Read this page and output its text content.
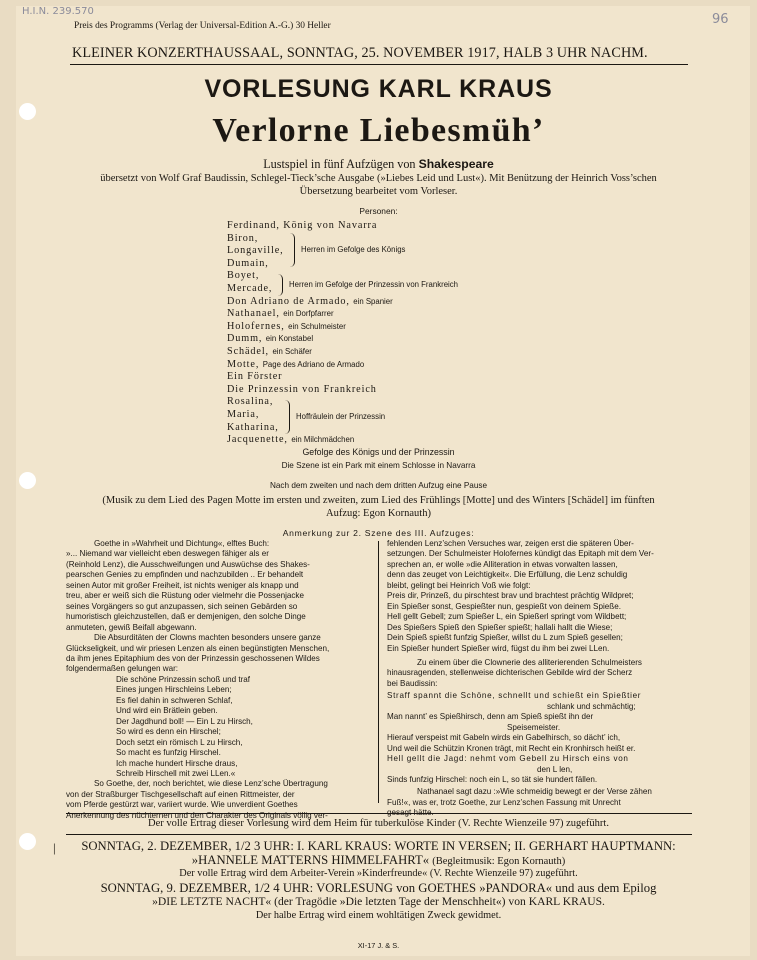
H.I.N. 239.570
96
Preis des Programms (Verlag der Universal-Edition A.-G.) 30 Heller
KLEINER KONZERTHAUSSAAL, SONNTAG, 25. NOVEMBER 1917, HALB 3 UHR NACHM.
VORLESUNG KARL KRAUS
Verlorne Liebesmüh’
Lustspiel in fünf Aufzügen von Shakespeare
übersetzt von Wolf Graf Baudissin, Schlegel-Tieck’sche Ausgabe (»Liebes Leid und Lust«). Mit Benützung der Heinrich Voss’schen
Übersetzung bearbeitet vom Vorleser.
Personen:
Ferdinand, König von Navarra
Biron,
Longaville,
Dumain,
Boyet,
Mercade,
Don Adriano de Armado, ein Spanier
Nathanael, ein Dorfpfarrer
Holofernes, ein Schulmeister
Dumm, ein Konstabel
Schädel, ein Schäfer
Motte, Page des Adriano de Armado
Ein Förster
Die Prinzessin von Frankreich
Rosalina,
Maria,
Katharina,
Jacquenette, ein Milchmädchen
Herren im Gefolge des Königs
Herren im Gefolge der Prinzessin von Frankreich
Hoffräulein der Prinzessin
Gefolge des Königs und der Prinzessin
Die Szene ist ein Park mit einem Schlosse in Navarra
Nach dem zweiten und nach dem dritten Aufzug eine Pause
(Musik zu dem Lied des Pagen Motte im ersten und zweiten, zum Lied des Frühlings [Motte] und des Winters [Schädel] im fünften
Aufzug: Egon Kornauth)
Anmerkung zur 2. Szene des III. Aufzuges:
Goethe in »Wahrheit und Dichtung«, elftes Buch:
»... Niemand war vielleicht eben deswegen fähiger als er
(Reinhold Lenz), die Ausschweifungen und Auswüchse des Shakes-
pearschen Genies zu empfinden und nachzubilden .. Er behandelt
seinen Autor mit großer Freiheit, ist nichts weniger als knapp und
treu, aber er weiß sich die Rüstung oder vielmehr die Possenjacke
seines Vorgängers so gut anzupassen, sich seinen Gebärden so
humoristisch gleichzustellen, daß er demjenigen, den solche Dinge
anmuteten, gewiß Beifall abgewann.
Die Absurditäten der Clowns machten besonders unsere ganze
Glückseligkeit, und wir priesen Lenzen als einen begünstigten Menschen,
da ihm jenes Epitaphium des von der Prinzessin geschossenen Wildes
folgendermaßen gelungen war:
Die schöne Prinzessin schoß und traf
Eines jungen Hirschleins Leben;
Es fiel dahin in schweren Schlaf,
Und wird ein Brätlein geben.
Der Jagdhund boll! — Ein L zu Hirsch,
So wird es denn ein Hirschel;
Doch setzt ein römisch L zu Hirsch,
So macht es funfzig Hirschel.
Ich mache hundert Hirsche draus,
Schreib Hirschell mit zwei LLen.«
So Goethe, der, noch berichtet, wie diese Lenz’sche Übertragung
von der Straßburger Tischgesellschaft auf einen Rittmeister, der
vom Pferde gestürzt war, variiert wurde. Wie unverdient Goethes
Anerkennung des nüchternen und den Charakter des Originals völlig ver-
fehlenden Lenz’schen Versuches war, zeigen erst die späteren Über-
setzungen. Der Schulmeister Holofernes kündigt das Epitaph mit dem Ver-
sprechen an, er wolle »die Alliteration in etwas vorwalten lassen,
denn das zeuget von Leichtigkeit«. Die Erfüllung, die Lenz schuldig
bleibt, gelingt bei Heinrich Voß wie folgt:
Preis dir, Prinzeß, du pirschtest brav und brachtest prächtig Wildpret;
Ein Spießer sonst, Gespießter nun, gespießt von deinem Spieße.
Hell gellt Gebell; zum Spießer L, ein Spießerl springt vom Wildbett;
Des Spießers Spieß den Spießer spießt; hallali hallt die Wiese;
Dein Spieß spießt funfzig Spießer, willst du L zum Spieß gesellen;
Ein Spießer hundert Spießer wird, fügst du ihm bei zwei LLen.
Zu einem über die Clownerie des alliterierenden Schulmeisters
hinausragenden, stellenweise dichterischen Gebilde wird der Scherz
bei Baudissin:
Straff spannt die Schöne, schnellt und schießt ein Spießtier
schlank und schmächtig;
Man nannt’ es Spießhirsch, denn am Spieß spießt ihn der
Speisemeister.
Hierauf verspeist mit Gabeln wirds ein Gabelhirsch, so dächt’ ich,
Und weil die Schützin Kronen trägt, mit Recht ein Kronhirsch heißt er.
Hell gellt die Jagd: nehmt vom Gebell zu Hirsch eins von
den L len,
Sinds funfzig Hirschel: noch ein L, so tät sie hundert fällen.
Nathanael sagt dazu :»Wie schmeidig bewegt er der Verse zähen
Fuß!«, was er, trotz Goethe, zur Lenz’schen Fassung mit Unrecht
gesagt hätte.
Der volle Ertrag dieser Vorlesung wird dem Heim für tuberkulöse Kinder (V. Rechte Wienzeile 97) zugeführt.
|	SONNTAG, 2. DEZEMBER, 1/2 3 UHR: I. KARL KRAUS: WORTE IN VERSEN; II. GERHART HAUPTMANN:
»HANNELE MATTERNS HIMMELFAHRT« (Begleitmusik: Egon Kornauth)
Der volle Ertrag wird dem Arbeiter-Verein »Kinderfreunde« (V. Rechte Wienzeile 97) zugeführt.
SONNTAG, 9. DEZEMBER, 1/2 4 UHR: VORLESUNG von GOETHES »PANDORA« und aus dem Epilog
»DIE LETZTE NACHT« (der Tragödie »Die letzten Tage der Menschheit«) von KARL KRAUS.
Der halbe Ertrag wird einem wohltätigen Zweck gewidmet.
XI-17 J. & S.
